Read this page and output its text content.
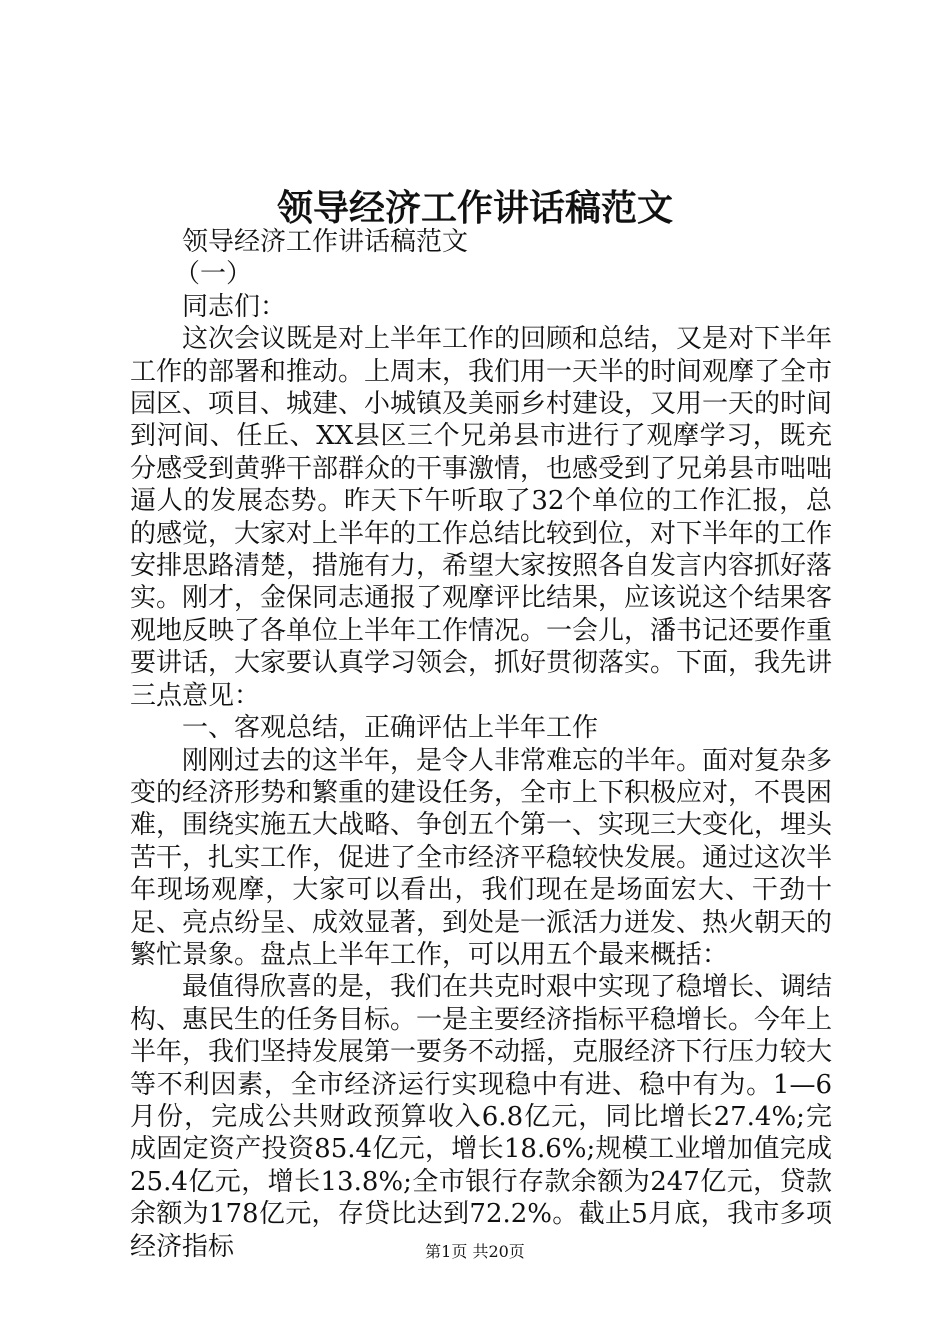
领导经济工作讲话稿范文

领导经济工作讲话稿范文

（一）

同志们：

这次会议既是对上半年工作的回顾和总结，又是对下半年工作的部署和推动。上周末，我们用一天半的时间观摩了全市园区、项目、城建、小城镇及美丽乡村建设，又用一天的时间到河间、任丘、XX县区三个兄弟县市进行了观摩学习，既充分感受到黄骅干部群众的干事激情，也感受到了兄弟县市咄咄逼人的发展态势。昨天下午听取了32个单位的工作汇报，总的感觉，大家对上半年的工作总结比较到位，对下半年的工作安排思路清楚，措施有力，希望大家按照各自发言内容抓好落实。刚才，金保同志通报了观摩评比结果，应该说这个结果客观地反映了各单位上半年工作情况。一会儿，潘书记还要作重要讲话，大家要认真学习领会，抓好贯彻落实。下面，我先讲三点意见：

一、客观总结，正确评估上半年工作

刚刚过去的这半年，是令人非常难忘的半年。面对复杂多变的经济形势和繁重的建设任务，全市上下积极应对，不畏困难，围绕实施五大战略、争创五个第一、实现三大变化，埋头苦干，扎实工作，促进了全市经济平稳较快发展。通过这次半年现场观摩，大家可以看出，我们现在是场面宏大、干劲十足、亮点纷呈、成效显著，到处是一派活力迸发、热火朝天的繁忙景象。盘点上半年工作，可以用五个最来概括：

最值得欣喜的是，我们在共克时艰中实现了稳增长、调结构、惠民生的任务目标。一是主要经济指标平稳增长。今年上半年，我们坚持发展第一要务不动摇，克服经济下行压力较大等不利因素，全市经济运行实现稳中有进、稳中有为。1—6月份，完成公共财政预算收入6.8亿元，同比增长27.4%;完成固定资产投资85.4亿元，增长18.6%;规模工业增加值完成25.4亿元，增长13.8%;全市银行存款余额为247亿元，贷款余额为178亿元，存贷比达到72.2%。截止5月底，我市多项经济指标	第1页 共20页
